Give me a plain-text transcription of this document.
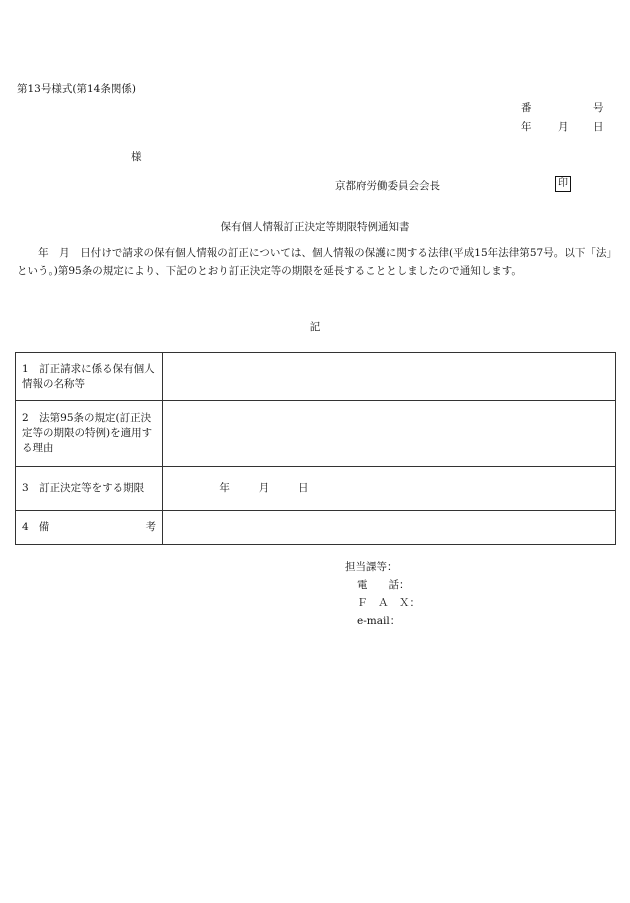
第13号様式(第14条関係)
番	号
年	月 日
様
京都府労働委員会会長	印
保有個人情報訂正決定等期限特例通知書

　　年　月　日付けで請求の保有個人情報の訂正については、個人情報の保護に関する法律(平成15年法律第57号。以下「法」という。)第95条の規定により、下記のとおり訂正決定等の期限を延長することとしましたので通知します。

記
1　訂正請求に係る保有個人情報の名称等	
2　法第95条の規定(訂正決定等の期限の特例)を適用する理由	
3　訂正決定等をする期限	年 月 日

4 備 考	

担当課等：
電　　話：
Ｆ　Ａ　Ｘ：
e-mail：
